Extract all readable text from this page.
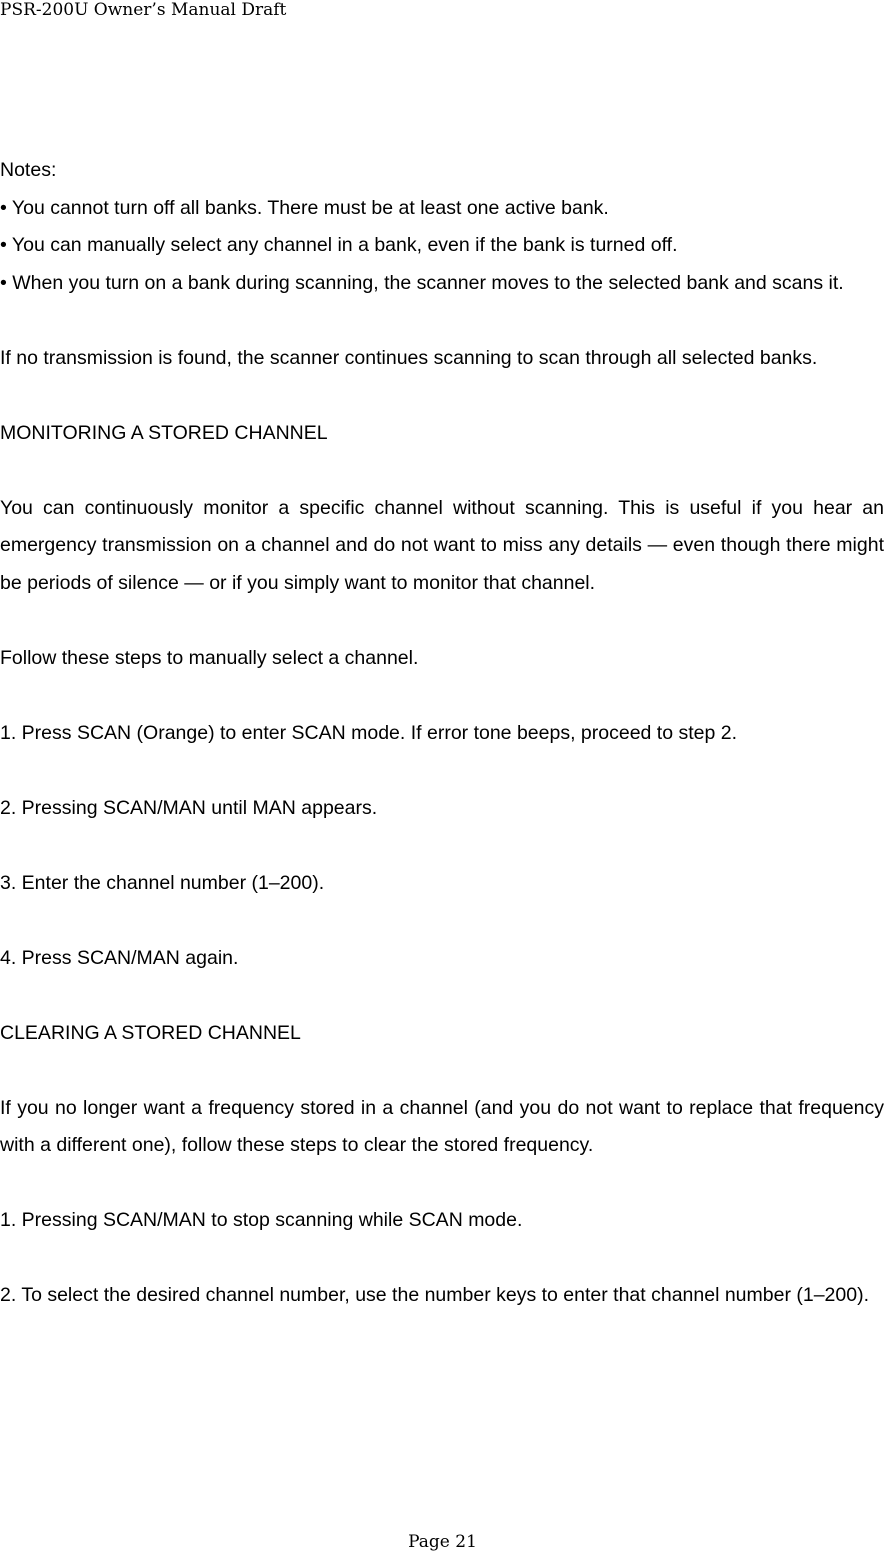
PSR-200U Owner’s Manual Draft

Notes:

• You cannot turn off all banks. There must be at least one active bank.

• You can manually select any channel in a bank, even if the bank is turned off.

• When you turn on a bank during scanning, the scanner moves to the selected bank and scans it.

If no transmission is found, the scanner continues scanning to scan through all selected banks.

MONITORING A STORED CHANNEL

You can continuously monitor a specific channel without scanning. This is useful if you hear an emergency transmission on a channel and do not want to miss any details — even though there might be periods of silence — or if you simply want to monitor that channel.

Follow these steps to manually select a channel.

1. Press SCAN (Orange) to enter SCAN mode. If error tone beeps, proceed to step 2.

2. Pressing SCAN/MAN until MAN appears.

3. Enter the channel number (1–200).

4. Press SCAN/MAN again.

CLEARING A STORED CHANNEL

If you no longer want a frequency stored in a channel (and you do not want to replace that frequency with a different one), follow these steps to clear the stored frequency.

1. Pressing SCAN/MAN to stop scanning while SCAN mode.

2. To select the desired channel number, use the number keys to enter that channel number (1–200).

Page 21
